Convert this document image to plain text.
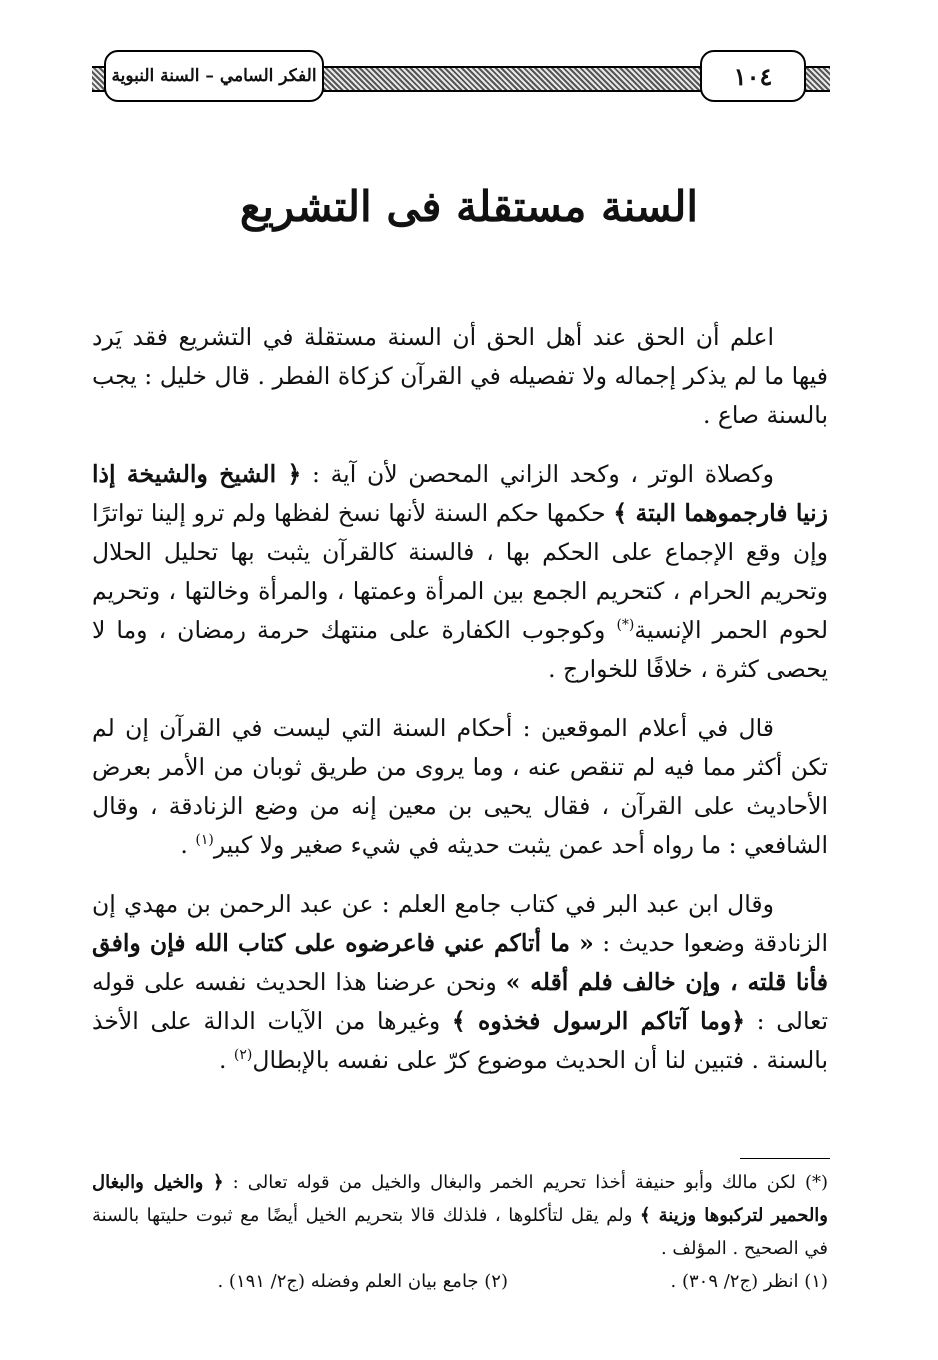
الفكر السامي – السنة النبوية	١٠٤
السنة مستقلة فى التشريع

اعلم أن الحق عند أهل الحق أن السنة مستقلة في التشريع فقد يَرد فيها ما لم يذكر إجماله ولا تفصيله في القرآن كزكاة الفطر . قال خليل : يجب بالسنة صاع .

وكصلاة الوتر ، وكحد الزاني المحصن لأن آية : ﴿ الشيخ والشيخة إذا زنيا فارجموهما البتة ﴾ حكمها حكم السنة لأنها نسخ لفظها ولم ترو إلينا تواترًا وإن وقع الإجماع على الحكم بها ، فالسنة كالقرآن يثبت بها تحليل الحلال وتحريم الحرام ، كتحريم الجمع بين المرأة وعمتها ، والمرأة وخالتها ، وتحريم لحوم الحمر الإنسية(*) وكوجوب الكفارة على منتهك حرمة رمضان ، وما لا يحصى كثرة ، خلافًا للخوارج .

قال في أعلام الموقعين : أحكام السنة التي ليست في القرآن إن لم تكن أكثر مما فيه لم تنقص عنه ، وما يروى من طريق ثوبان من الأمر بعرض الأحاديث على القرآن ، فقال يحيى بن معين إنه من وضع الزنادقة ، وقال الشافعي : ما رواه أحد عمن يثبت حديثه في شيء صغير ولا كبير$^{(١)}$ .

وقال ابن عبد البر في كتاب جامع العلم : عن عبد الرحمن بن مهدي إن الزنادقة وضعوا حديث : « ما أتاكم عني فاعرضوه على كتاب الله فإن وافق فأنا قلته ، وإن خالف فلم أقله » ونحن عرضنا هذا الحديث نفسه على قوله تعالى : ﴿وما آتاكم الرسول فخذوه ﴾ وغيرها من الآيات الدالة على الأخذ بالسنة . فتبين لنا أن الحديث موضوع كرّ على نفسه بالإبطال$^{(٢)}$ .

(*) لكن مالك وأبو حنيفة أخذا تحريم الخمر والبغال والخيل من قوله تعالى : ﴿ والخيل والبغال والحمير لتركبوها وزينة ﴾ ولم يقل لتأكلوها ، فلذلك قالا بتحريم الخيل أيضًا مع ثبوت حليتها بالسنة في الصحيح . المؤلف .

(١) انظر (ج٢/ ٣٠٩) .
(٢) جامع بيان العلم وفضله (ج٢/ ١٩١) .
